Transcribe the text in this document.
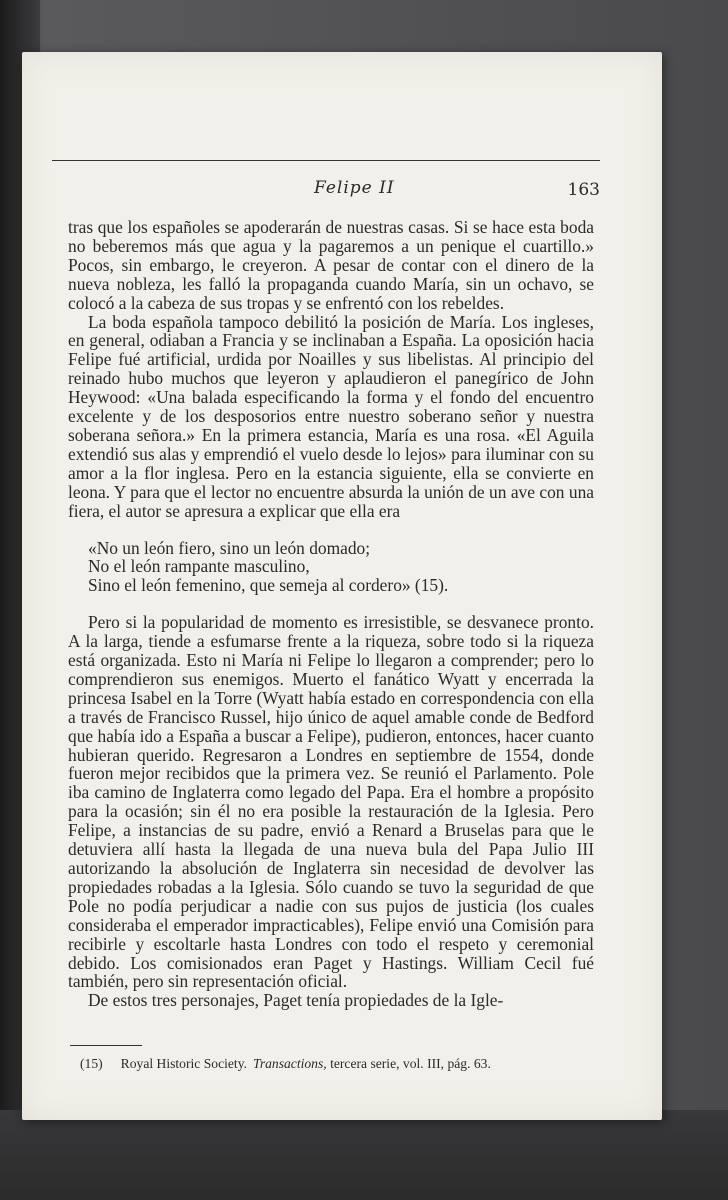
Felipe II	163

tras que los españoles se apoderarán de nuestras casas. Si se hace esta boda no beberemos más que agua y la pagaremos a un penique el cuartillo.» Pocos, sin embargo, le creyeron. A pesar de contar con el dinero de la nueva nobleza, les falló la propaganda cuando María, sin un ochavo, se colocó a la cabeza de sus tropas y se enfrentó con los rebeldes.

La boda española tampoco debilitó la posición de María. Los ingleses, en general, odiaban a Francia y se inclinaban a España. La oposición hacia Felipe fué artificial, urdida por Noailles y sus libelistas. Al principio del reinado hubo muchos que leyeron y aplaudieron el panegírico de John Heywood: «Una balada especificando la forma y el fondo del encuentro excelente y de los desposorios entre nuestro soberano señor y nuestra soberana señora.» En la primera estancia, María es una rosa. «El Aguila extendió sus alas y emprendió el vuelo desde lo lejos» para iluminar con su amor a la flor inglesa. Pero en la estancia siguiente, ella se convierte en leona. Y para que el lector no encuentre absurda la unión de un ave con una fiera, el autor se apresura a explicar que ella era

«No un león fiero, sino un león domado;
No el león rampante masculino,
Sino el león femenino, que semeja al cordero» (15).

Pero si la popularidad de momento es irresistible, se desvanece pronto. A la larga, tiende a esfumarse frente a la riqueza, sobre todo si la riqueza está organizada. Esto ni María ni Felipe lo llegaron a comprender; pero lo comprendieron sus enemigos. Muerto el fanático Wyatt y encerrada la princesa Isabel en la Torre (Wyatt había estado en correspondencia con ella a través de Francisco Russel, hijo único de aquel amable conde de Bedford que había ido a España a buscar a Felipe), pudieron, entonces, hacer cuanto hubieran querido. Regresaron a Londres en septiembre de 1554, donde fueron mejor recibidos que la primera vez. Se reunió el Parlamento. Pole iba camino de Inglaterra como legado del Papa. Era el hombre a propósito para la ocasión; sin él no era posible la restauración de la Iglesia. Pero Felipe, a instancias de su padre, envió a Renard a Bruselas para que le detuviera allí hasta la llegada de una nueva bula del Papa Julio III autorizando la absolución de Inglaterra sin necesidad de devolver las propiedades robadas a la Iglesia. Sólo cuando se tuvo la seguridad de que Pole no podía perjudicar a nadie con sus pujos de justicia (los cuales consideraba el emperador impracticables), Felipe envió una Comisión para recibirle y escoltarle hasta Londres con todo el respeto y ceremonial debido. Los comisionados eran Paget y Hastings. William Cecil fué también, pero sin representación oficial.

De estos tres personajes, Paget tenía propiedades de la Igle-

(15) Royal Historic Society. Transactions, tercera serie, vol. III, pág. 63.
